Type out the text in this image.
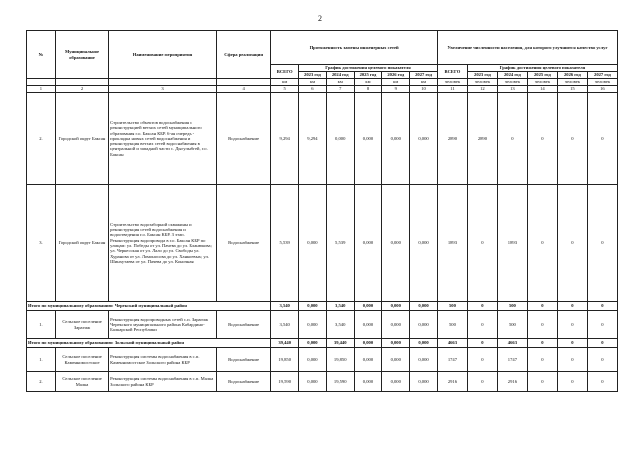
2
№	Муниципальное образование	Наименование мероприятия	Сфера реализации	Протяженность замены инженерных сетей						Увеличение численности населения, для которого улучшится качество услуг					
				ВСЕГО	График достижения целевого показателя					ВСЕГО	График достижения целевого показателя				
					2023 год	2024 год	2025 год	2026 год	2027 год		2023 год	2024 год	2025 год	2026 год	2027 год
				км	км	км	км	км	км	человек	человек	человек	человек	человек	человек
1	2	3	4	5	6	7	8	9	10	11	12	13	14	15	16
2.	Городской округ Баксан	Строительство объектов водоснабжения с реконструкцией ветхих сетей муниципального образования г.о. Баксан КБР. 6-ая очередь - прокладка новых сетей водоснабжения и реконструкция ветхих сетей водоснабжения в центральной и западной части с. Дыгулыбгей, г.о. Баксан	Водоснабжение	9,294	9,294	0,000	0,000	0,000	0,000	2890	2890	0	0	0	0
3.	Городской округ Баксан	Строительство водозаборной скважины и реконструкция сетей водоснабжения и водоотведения г.о. Баксан КБР. 3 этап. Реконструкция водопровода в г.о. Баксан КБР по улицам: ул. Победы от ул. Пачева до ул. Бланюкова; ул. Черкесская от ул. Лало до ул. Свободы ул. Хуранова от ул. Ломоносова до ул. Ханкоевых; ул. Шинхутаева от ул. Пачева до ул. Коночная	Водоснабжение	5,539	0,000	5,539	0,000	0,000	0,000	1893	0	1893	0	0	0
Итого по муниципальному образованию: Черекский муниципальный район				3,540	0,000	3,540	0,000	0,000	0,000	500	0	500	0	0	0
1.	Сельское поселение Зарагиж	Реконструкция водопроводных сетей с.п. Зарагиж Черекского муниципального района Кабардино-Балкарской Республики	Водоснабжение	3,540	0,000	3,540	0,000	0,000	0,000	500	0	500	0	0	0
Итого по муниципальному образованию: Зольский муниципальный район				39,440	0,000	39,440	0,000	0,000	0,000	4663	0	4663	0	0	0
1.	Сельское поселение Каменномостское	Реконструкция системы водоснабжения в с.п. Каменномостское Зольского района КБР	Водоснабжение	19,850	0,000	19,850	0,000	0,000	0,000	1747	0	1747	0	0	0
2.	Сельское поселение Малка	Реконструкция системы водоснабжения в с.п. Малка Зольского района КБР	Водоснабжение	19,590	0,000	19,590	0,000	0,000	0,000	2916	0	2916	0	0	0
